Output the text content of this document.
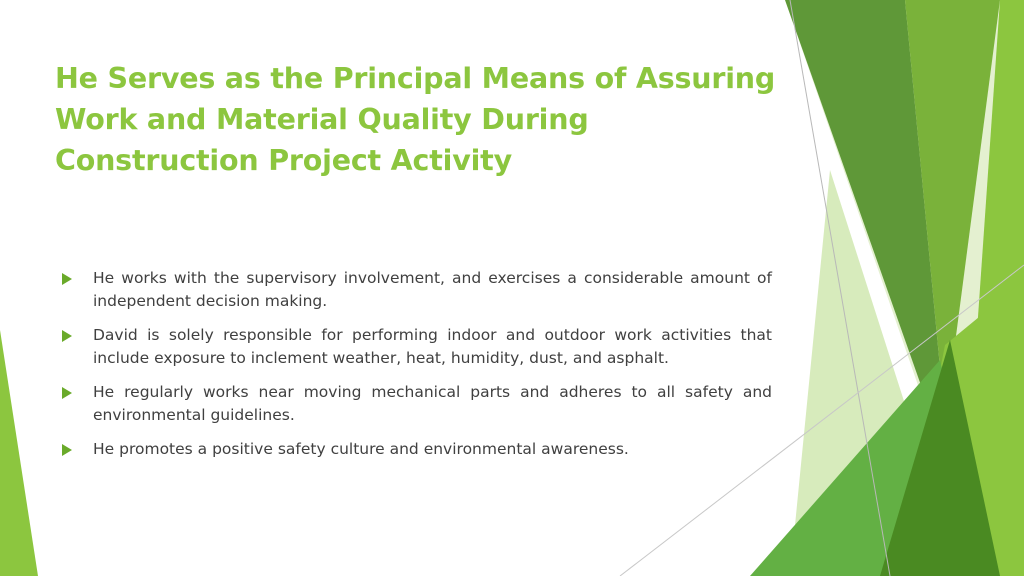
He Serves as the Principal Means of Assuring
Work and Material Quality During
Construction Project Activity
He works with the supervisory involvement, and exercises a considerable amount of independent decision making.
David is solely responsible for performing indoor and outdoor work activities that include exposure to inclement weather, heat, humidity, dust, and asphalt.
He regularly works near moving mechanical parts and adheres to all safety and environmental guidelines.
He promotes a positive safety culture and environmental awareness.
